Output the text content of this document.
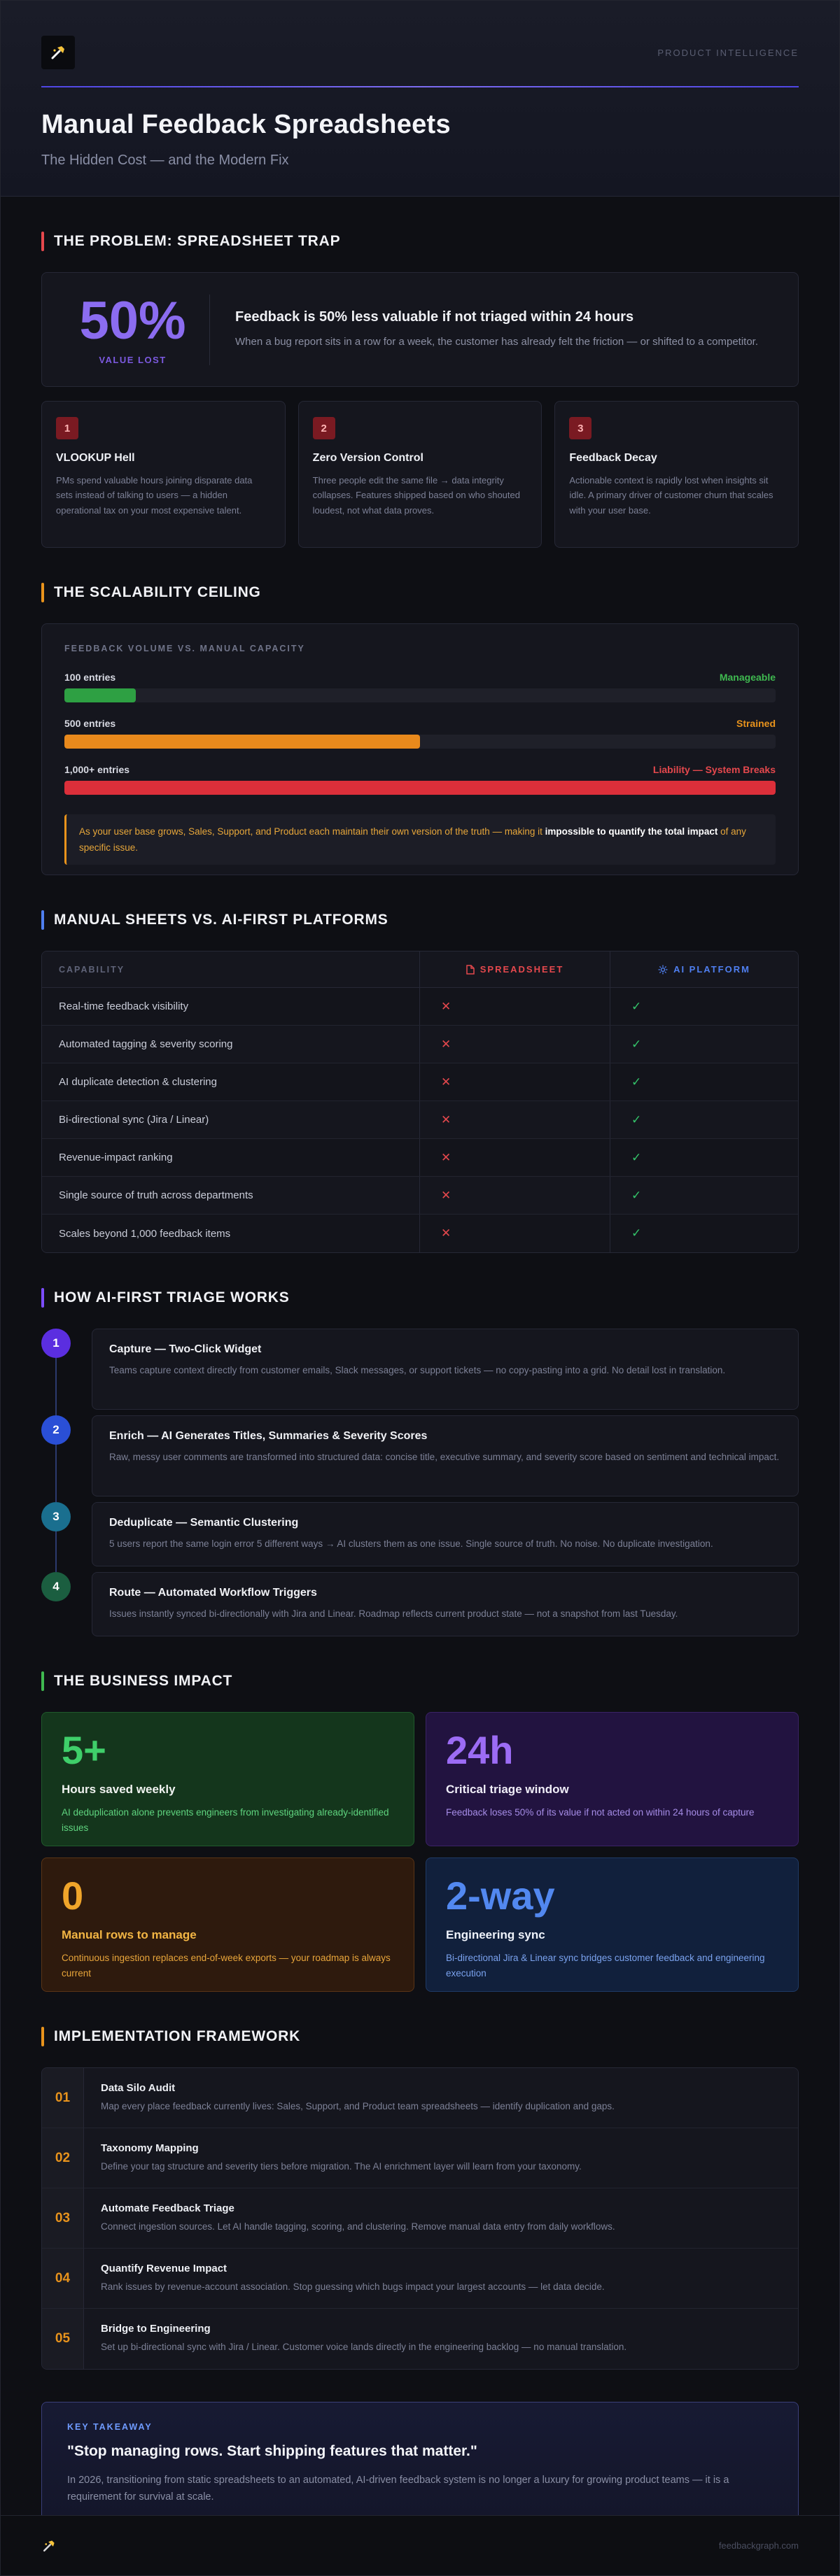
PRODUCT INTELLIGENCE
Manual Feedback Spreadsheets
The Hidden Cost — and the Modern Fix
THE PROBLEM: SPREADSHEET TRAP
50%
VALUE LOST
Feedback is 50% less valuable if not triaged within 24 hours
When a bug report sits in a row for a week, the customer has already felt the friction — or shifted to a competitor.
1
VLOOKUP Hell
PMs spend valuable hours joining disparate data sets instead of talking to users — a hidden operational tax on your most expensive talent.
2
Zero Version Control
Three people edit the same file → data integrity collapses. Features shipped based on who shouted loudest, not what data proves.
3
Feedback Decay
Actionable context is rapidly lost when insights sit idle. A primary driver of customer churn that scales with your user base.
THE SCALABILITY CEILING
FEEDBACK VOLUME VS. MANUAL CAPACITY
100 entries	Manageable
500 entries	Strained
1,000+ entries	Liability — System Breaks
As your user base grows, Sales, Support, and Product each maintain their own version of the truth — making it impossible to quantify the total impact of any specific issue.
MANUAL SHEETS VS. AI-FIRST PLATFORMS
CAPABILITY	SPREADSHEET	AI PLATFORM
Real-time feedback visibility	✕	✓
Automated tagging & severity scoring	✕	✓
AI duplicate detection & clustering	✕	✓
Bi-directional sync (Jira / Linear)	✕	✓
Revenue-impact ranking	✕	✓
Single source of truth across departments	✕	✓
Scales beyond 1,000 feedback items	✕	✓
HOW AI-FIRST TRIAGE WORKS
1	Capture — Two-Click Widget
Teams capture context directly from customer emails, Slack messages, or support tickets — no copy-pasting into a grid. No detail lost in translation.
2	Enrich — AI Generates Titles, Summaries & Severity Scores
Raw, messy user comments are transformed into structured data: concise title, executive summary, and severity score based on sentiment and technical impact.
3	Deduplicate — Semantic Clustering
5 users report the same login error 5 different ways → AI clusters them as one issue. Single source of truth. No noise. No duplicate investigation.
4	Route — Automated Workflow Triggers
Issues instantly synced bi-directionally with Jira and Linear. Roadmap reflects current product state — not a snapshot from last Tuesday.
THE BUSINESS IMPACT
5+
Hours saved weekly
AI deduplication alone prevents engineers from investigating already-identified issues
24h
Critical triage window
Feedback loses 50% of its value if not acted on within 24 hours of capture
0
Manual rows to manage
Continuous ingestion replaces end-of-week exports — your roadmap is always current
2-way
Engineering sync
Bi-directional Jira & Linear sync bridges customer feedback and engineering execution
IMPLEMENTATION FRAMEWORK
01
Data Silo Audit
Map every place feedback currently lives: Sales, Support, and Product team spreadsheets — identify duplication and gaps.
02
Taxonomy Mapping
Define your tag structure and severity tiers before migration. The AI enrichment layer will learn from your taxonomy.
03
Automate Feedback Triage
Connect ingestion sources. Let AI handle tagging, scoring, and clustering. Remove manual data entry from daily workflows.
04
Quantify Revenue Impact
Rank issues by revenue-account association. Stop guessing which bugs impact your largest accounts — let data decide.
05
Bridge to Engineering
Set up bi-directional sync with Jira / Linear. Customer voice lands directly in the engineering backlog — no manual translation.
KEY TAKEAWAY
"Stop managing rows. Start shipping features that matter."
In 2026, transitioning from static spreadsheets to an automated, AI-driven feedback system is no longer a luxury for growing product teams — it is a requirement for survival at scale.
feedbackgraph.com
